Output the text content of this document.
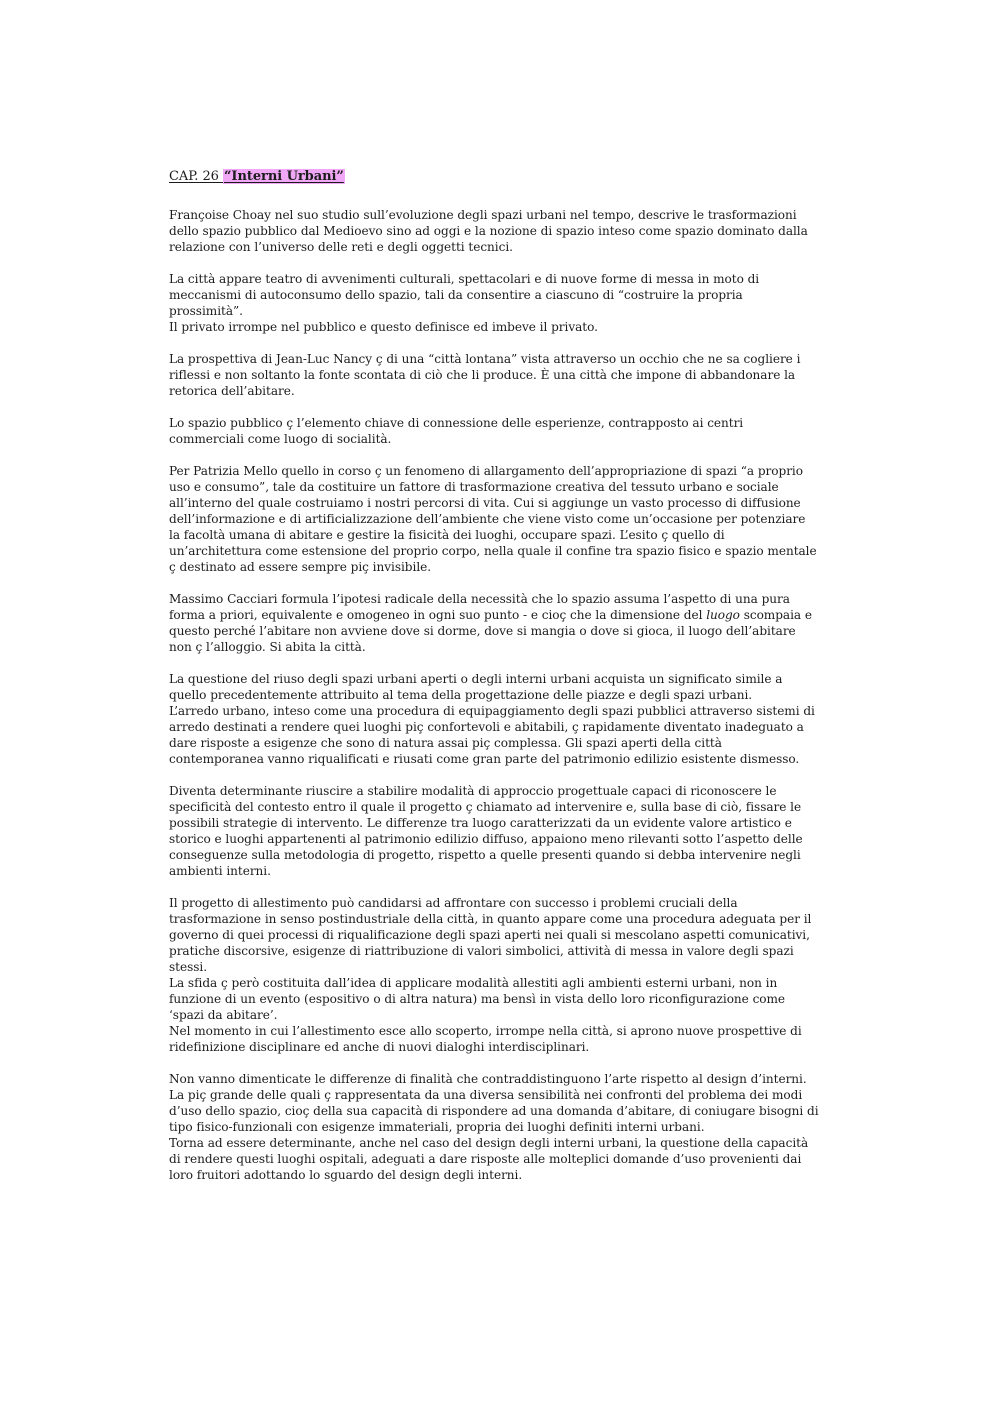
CAP. 26 “Interni Urbani”
Françoise Choay nel suo studio sull’evoluzione degli spazi urbani nel tempo, descrive le trasformazioni dello spazio pubblico dal Medioevo sino ad oggi e la nozione di spazio inteso come spazio dominato dalla relazione con l’universo delle reti e degli oggetti tecnici.
La città appare teatro di avvenimenti culturali, spettacolari e di nuove forme di messa in moto di meccanismi di autoconsumo dello spazio, tali da consentire a ciascuno di “costruire la propria prossimità”.
Il privato irrompe nel pubblico e questo definisce ed imbeve il privato.
La prospettiva di Jean-Luc Nancy ç di una “città lontana” vista attraverso un occhio che ne sa cogliere i riflessi e non soltanto la fonte scontata di ciò che li produce. È una città che impone di abbandonare la retorica dell’abitare.
Lo spazio pubblico ç l’elemento chiave di connessione delle esperienze, contrapposto ai centri commerciali come luogo di socialità.
Per Patrizia Mello quello in corso ç un fenomeno di allargamento dell’appropriazione di spazi “a proprio uso e consumo”, tale da costituire un fattore di trasformazione creativa del tessuto urbano e sociale all’interno del quale costruiamo i nostri percorsi di vita. Cui si aggiunge un vasto processo di diffusione dell’informazione e di artificializzazione dell’ambiente che viene visto come un’occasione per potenziare la facoltà umana di abitare e gestire la fisicità dei luoghi, occupare spazi. L’esito ç quello di un’architettura come estensione del proprio corpo, nella quale il confine tra spazio fisico e spazio mentale ç destinato ad essere sempre piç invisibile.
Massimo Cacciari formula l’ipotesi radicale della necessità che lo spazio assuma l’aspetto di una pura forma a priori, equivalente e omogeneo in ogni suo punto - e cioç che la dimensione del luogo scompaia e questo perché l’abitare non avviene dove si dorme, dove si mangia o dove si gioca, il luogo dell’abitare non ç l’alloggio. Si abita la città.
La questione del riuso degli spazi urbani aperti o degli interni urbani acquista un significato simile a quello precedentemente attribuito al tema della progettazione delle piazze e degli spazi urbani.
L’arredo urbano, inteso come una procedura di equipaggiamento degli spazi pubblici attraverso sistemi di arredo destinati a rendere quei luoghi piç confortevoli e abitabili, ç rapidamente diventato inadeguato a dare risposte a esigenze che sono di natura assai piç complessa. Gli spazi aperti della città contemporanea vanno riqualificati e riusati come gran parte del patrimonio edilizio esistente dismesso.
Diventa determinante riuscire a stabilire modalità di approccio progettuale capaci di riconoscere le specificità del contesto entro il quale il progetto ç chiamato ad intervenire e, sulla base di ciò, fissare le possibili strategie di intervento. Le differenze tra luogo caratterizzati da un evidente valore artistico e storico e luoghi appartenenti al patrimonio edilizio diffuso, appaiono meno rilevanti sotto l’aspetto delle conseguenze sulla metodologia di progetto, rispetto a quelle presenti quando si debba intervenire negli ambienti interni.
Il progetto di allestimento può candidarsi ad affrontare con successo i problemi cruciali della trasformazione in senso postindustriale della città, in quanto appare come una procedura adeguata per il governo di quei processi di riqualificazione degli spazi aperti nei quali si mescolano aspetti comunicativi, pratiche discorsive, esigenze di riattribuzione di valori simbolici, attività di messa in valore degli spazi stessi.
La sfida ç però costituita dall’idea di applicare modalità allestiti agli ambienti esterni urbani, non in funzione di un evento (espositivo o di altra natura) ma bensì in vista dello loro riconfigurazione come ‘spazi da abitare’.
Nel momento in cui l’allestimento esce allo scoperto, irrompe nella città, si aprono nuove prospettive di ridefinizione disciplinare ed anche di nuovi dialoghi interdisciplinari.
Non vanno dimenticate le differenze di finalità che contraddistinguono l’arte rispetto al design d’interni. La piç grande delle quali ç rappresentata da una diversa sensibilità nei confronti del problema dei modi d’uso dello spazio, cioç della sua capacità di rispondere ad una domanda d’abitare, di coniugare bisogni di tipo fisico-funzionali con esigenze immateriali, propria dei luoghi definiti interni urbani.
Torna ad essere determinante, anche nel caso del design degli interni urbani, la questione della capacità di rendere questi luoghi ospitali, adeguati a dare risposte alle molteplici domande d’uso provenienti dai loro fruitori adottando lo sguardo del design degli interni.
